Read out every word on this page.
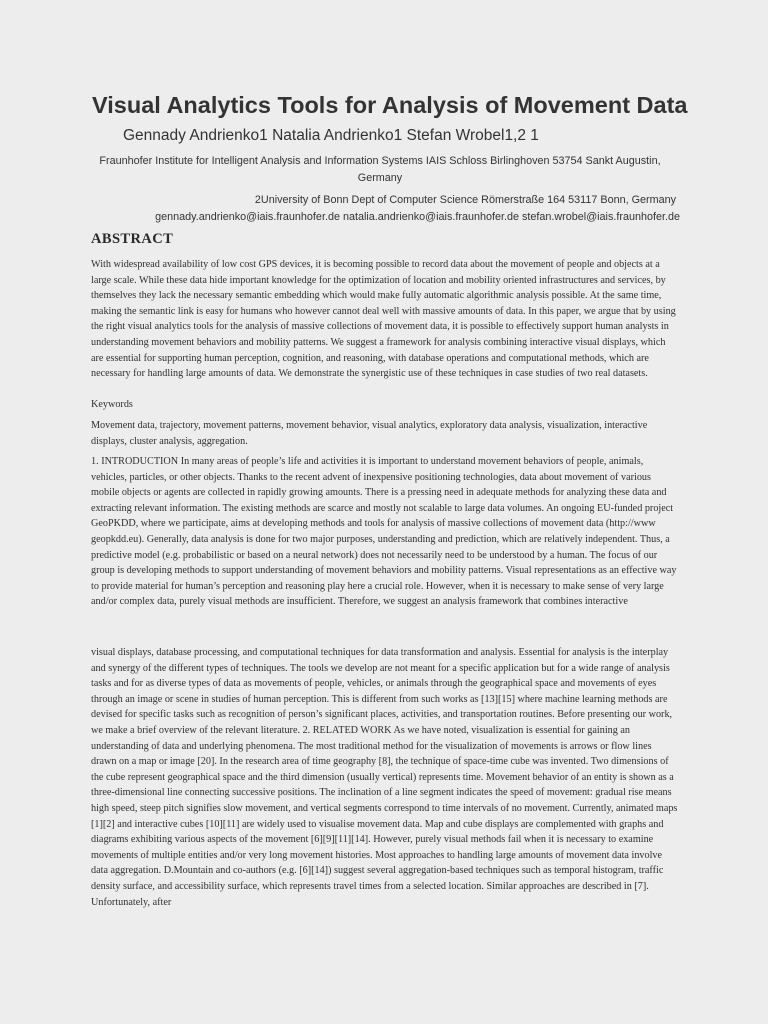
Visual Analytics Tools for Analysis of Movement Data
Gennady Andrienko1 Natalia Andrienko1 Stefan Wrobel1,2 1
Fraunhofer Institute for Intelligent Analysis and Information Systems IAIS Schloss Birlinghoven 53754 Sankt Augustin, Germany
2University of Bonn Dept of Computer Science Römerstraße 164 53117 Bonn, Germany
gennady.andrienko@iais.fraunhofer.de natalia.andrienko@iais.fraunhofer.de stefan.wrobel@iais.fraunhofer.de
ABSTRACT

With widespread availability of low cost GPS devices, it is becoming possible to record data about the movement of people and objects at a large scale. While these data hide important knowledge for the optimization of location and mobility oriented infrastructures and services, by themselves they lack the necessary semantic embedding which would make fully automatic algorithmic analysis possible. At the same time, making the semantic link is easy for humans who however cannot deal well with massive amounts of data. In this paper, we argue that by using the right visual analytics tools for the analysis of massive collections of movement data, it is possible to effectively support human analysts in understanding movement behaviors and mobility patterns. We suggest a framework for analysis combining interactive visual displays, which are essential for supporting human perception, cognition, and reasoning, with database operations and computational methods, which are necessary for handling large amounts of data. We demonstrate the synergistic use of these techniques in case studies of two real datasets.

Keywords

Movement data, trajectory, movement patterns, movement behavior, visual analytics, exploratory data analysis, visualization, interactive displays, cluster analysis, aggregation.

1. INTRODUCTION In many areas of people’s life and activities it is important to understand movement behaviors of people, animals, vehicles, particles, or other objects. Thanks to the recent advent of inexpensive positioning technologies, data about movement of various mobile objects or agents are collected in rapidly growing amounts. There is a pressing need in adequate methods for analyzing these data and extracting relevant information. The existing methods are scarce and mostly not scalable to large data volumes. An ongoing EU-funded project GeoPKDD, where we participate, aims at developing methods and tools for analysis of massive collections of movement data (http://www geopkdd.eu). Generally, data analysis is done for two major purposes, understanding and prediction, which are relatively independent. Thus, a predictive model (e.g. probabilistic or based on a neural network) does not necessarily need to be understood by a human. The focus of our group is developing methods to support understanding of movement behaviors and mobility patterns. Visual representations as an effective way to provide material for human’s perception and reasoning play here a crucial role. However, when it is necessary to make sense of very large and/or complex data, purely visual methods are insufficient. Therefore, we suggest an analysis framework that combines interactive

visual displays, database processing, and computational techniques for data transformation and analysis. Essential for analysis is the interplay and synergy of the different types of techniques. The tools we develop are not meant for a specific application but for a wide range of analysis tasks and for as diverse types of data as movements of people, vehicles, or animals through the geographical space and movements of eyes through an image or scene in studies of human perception. This is different from such works as [13][15] where machine learning methods are devised for specific tasks such as recognition of person’s significant places, activities, and transportation routines. Before presenting our work, we make a brief overview of the relevant literature. 2. RELATED WORK As we have noted, visualization is essential for gaining an understanding of data and underlying phenomena. The most traditional method for the visualization of movements is arrows or flow lines drawn on a map or image [20]. In the research area of time geography [8], the technique of space-time cube was invented. Two dimensions of the cube represent geographical space and the third dimension (usually vertical) represents time. Movement behavior of an entity is shown as a three-dimensional line connecting successive positions. The inclination of a line segment indicates the speed of movement: gradual rise means high speed, steep pitch signifies slow movement, and vertical segments correspond to time intervals of no movement. Currently, animated maps [1][2] and interactive cubes [10][11] are widely used to visualise movement data. Map and cube displays are complemented with graphs and diagrams exhibiting various aspects of the movement [6][9][11][14]. However, purely visual methods fail when it is necessary to examine movements of multiple entities and/or very long movement histories. Most approaches to handling large amounts of movement data involve data aggregation. D.Mountain and co-authors (e.g. [6][14]) suggest several aggregation-based techniques such as temporal histogram, traffic density surface, and accessibility surface, which represents travel times from a selected location. Similar approaches are described in [7]. Unfortunately, after
